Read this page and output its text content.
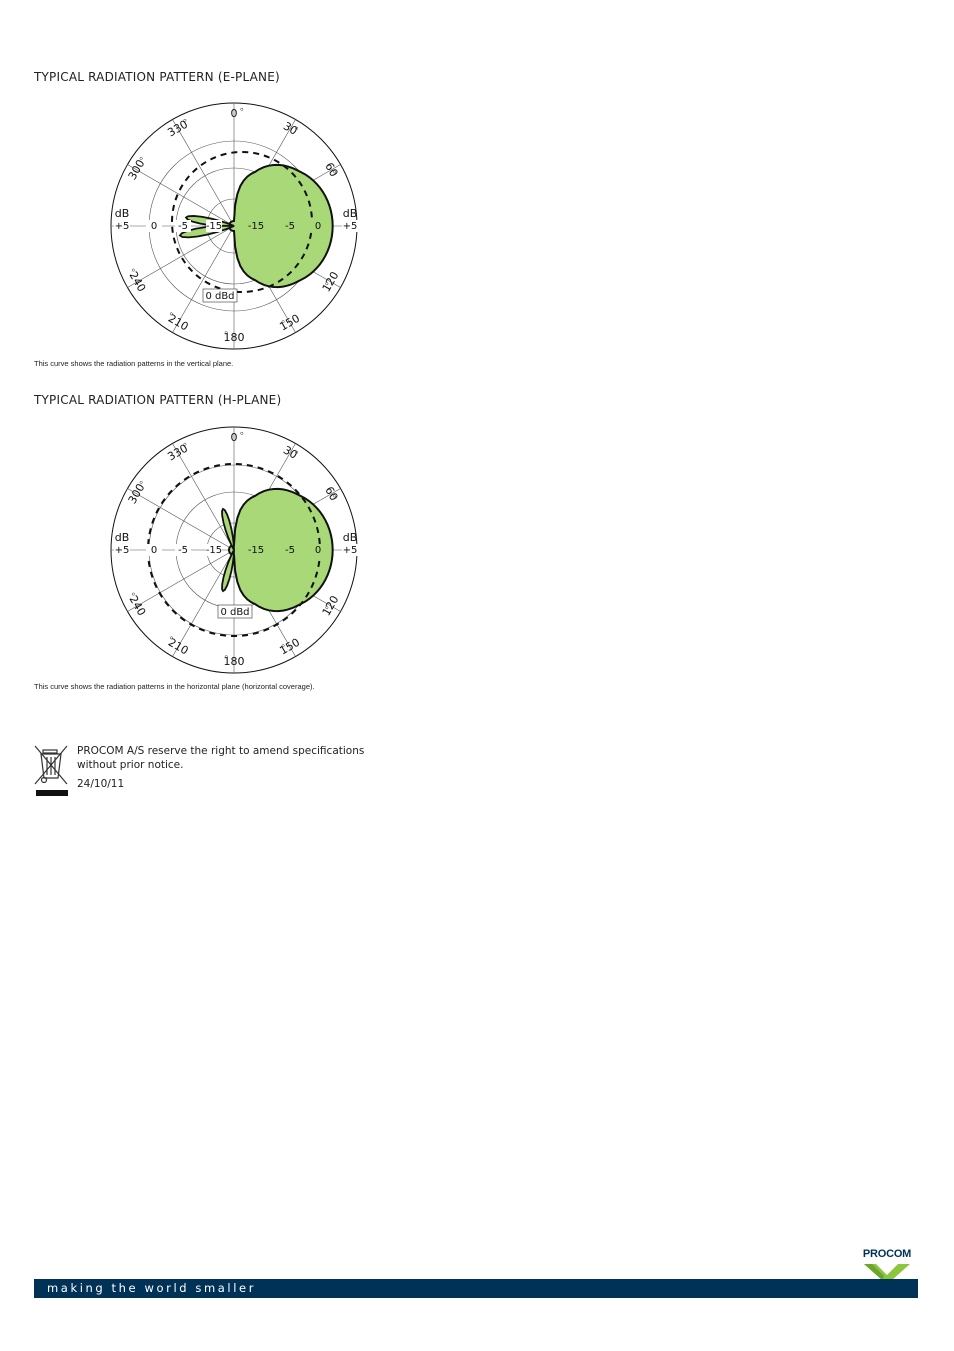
TYPICAL RADIATION PATTERN (E-PLANE)
0
30
60
120
150
180
210
240
300
330
+5 0 -5 -15	-15 -5 0 +5
dB	dB
0 dBd
This curve shows the radiation patterns in the vertical plane.
TYPICAL RADIATION PATTERN (H-PLANE)
0
30
60
120
150
180
210
240
300
330
+5 0 -5 -15	-15 -5 0 +5
dB	dB
0 dBd
This curve shows the radiation patterns in the horizontal plane (horizontal coverage).
PROCOM A/S reserve the right to amend specifications without prior notice.
24/10/11
PROCOM
making the world smaller
